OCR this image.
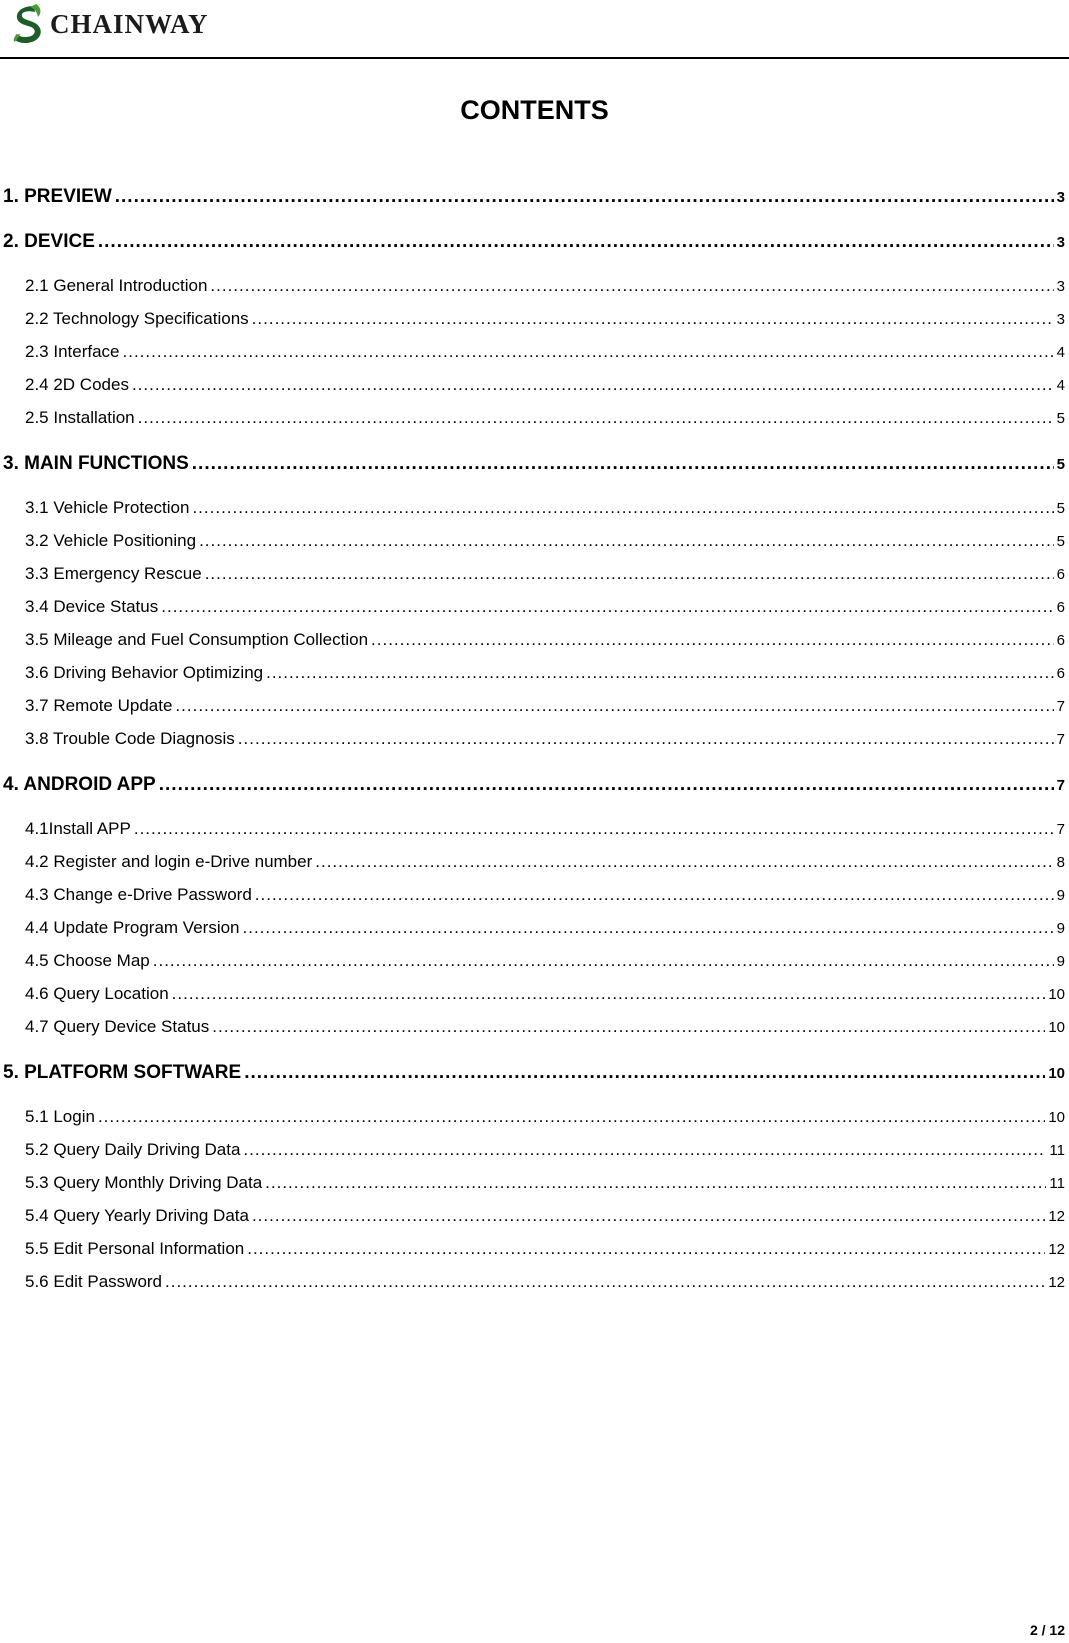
CHAINWAY
CONTENTS
1. PREVIEW .....	3
2. DEVICE .....	3
2.1 General Introduction .....	3
2.2 Technology Specifications .....	3
2.3 Interface .....	4
2.4 2D Codes .....	4
2.5 Installation .....	5
3. MAIN FUNCTIONS .....	5
3.1 Vehicle Protection .....	5
3.2 Vehicle Positioning .....	5
3.3 Emergency Rescue .....	6
3.4 Device Status .....	6
3.5 Mileage and Fuel Consumption Collection .....	6
3.6 Driving Behavior Optimizing .....	6
3.7 Remote Update .....	7
3.8 Trouble Code Diagnosis .....	7
4. ANDROID APP .....	7
4.1Install APP .....	7
4.2 Register and login e-Drive number .....	8
4.3 Change e-Drive Password .....	9
4.4 Update Program Version .....	9
4.5 Choose Map .....	9
4.6 Query Location .....	10
4.7 Query Device Status .....	10
5. PLATFORM SOFTWARE .....	10
5.1 Login .....	10
5.2 Query Daily Driving Data .....	11
5.3 Query Monthly Driving Data .....	11
5.4 Query Yearly Driving Data .....	12
5.5 Edit Personal Information .....	12
5.6 Edit Password .....	12
2 / 12
